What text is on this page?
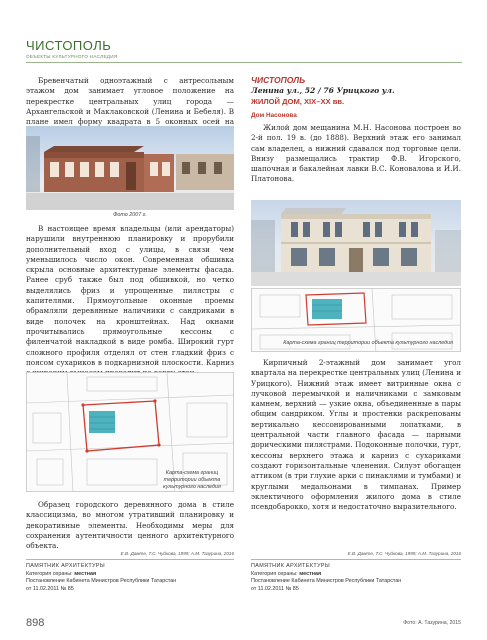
ЧИСТОПОЛЬ
ОБЪЕКТЫ КУЛЬТУРНОГО НАСЛЕДИЯ

Бревенчатый одноэтажный с антресольным этажом дом занимает угловое положение на перекрестке центральных улиц города — Архангельской и Маклаковской (Ленина и Бебеля). В плане имел форму квадрата в 5 оконных осей на

Фото 2007 г.

В настоящее время владельцы (или арендаторы) нарушили внутреннюю планировку и прорубили дополнительный вход с улицы, в связи чем уменьшилось число окон. Современная обшивка скрыла основные архитектурные элементы фасада. Ранее сруб также был под обшивкой, но четко выделялись фриз и упрощенные пилястры с капителями. Прямоугольные оконные проемы обрамляли деревянные наличники с сандриками в виде полочек на кронштейнах. Над окнами прочитывались прямоугольные кессоны с филенчатой накладкой в виде ромба. Широкий гурт сложного профиля отделял от стен гладкий фриз с поясом сухариков в подкарнизной плоскости. Карниз

Карта-схема границ территории объекта культурного наследия

Образец городского деревянного дома в стиле классицизма, во многом утративший планировку и декоративные элементы. Необходимы меры для сохранения аутентичности ценного архитектурного объекта.

Е.В. Дамте, Т.С. Чуйкова, 1999; А.М. Тазурина, 2016
ПАМЯТНИК АРХИТЕКТУРЫ
Категория охраны: местная
Постановление Кабинета Министров Республики Татарстан
от 11.02.2011 № 85
ЧИСТОПОЛЬ
Ленина ул., 52 / 76 Урицкого ул.
ЖИЛОЙ ДОМ, XIX–XX вв.
Дом Насонова

Жилой дом мещанина М.Н. Насонова построен во 2-й пол. 19 в. (до 1888). Верхний этаж его занимал сам владелец, а нижний сдавался под торговые цели. Внизу размещались трактир Ф.В. Игорского, шапочная и бакалейная лавки В.С. Коновалова и И.И. Платонова.

Карта-схема границ территории объекта культурного наследия

Кирпичный 2-этажный дом занимает угол квартала на перекрестке центральных улиц (Ленина и Урицкого). Нижний этаж имеет витринные окна с лучковой перемычкой и наличниками с замковым камнем, верхний — узкие окна, объединенные в пары общим сандриком. Углы и простенки раскрепованы вертикально кессонированными лопатками, в центральной части главного фасада — парными дорическими пилястрами. Подоконные полочки, гурт, кессоны верхнего этажа и карниз с сухариками создают горизонтальные членения. Силуэт обогащен аттиком (в три глухие арки с пинаклями и тумбами) и круглыми медальонами в тимпанах. Пример эклектичного оформления жилого дома в стиле псевдобарокко, хотя и недостаточно выразительного.

Е.В. Дамте, Т.С. Чуйкова, 1999; А.М. Тазурина, 2016
ПАМЯТНИК АРХИТЕКТУРЫ
Категория охраны: местная
Постановление Кабинета Министров Республики Татарстан
от 11.02.2011 № 85
898	Фото: А. Тазурина, 2015
